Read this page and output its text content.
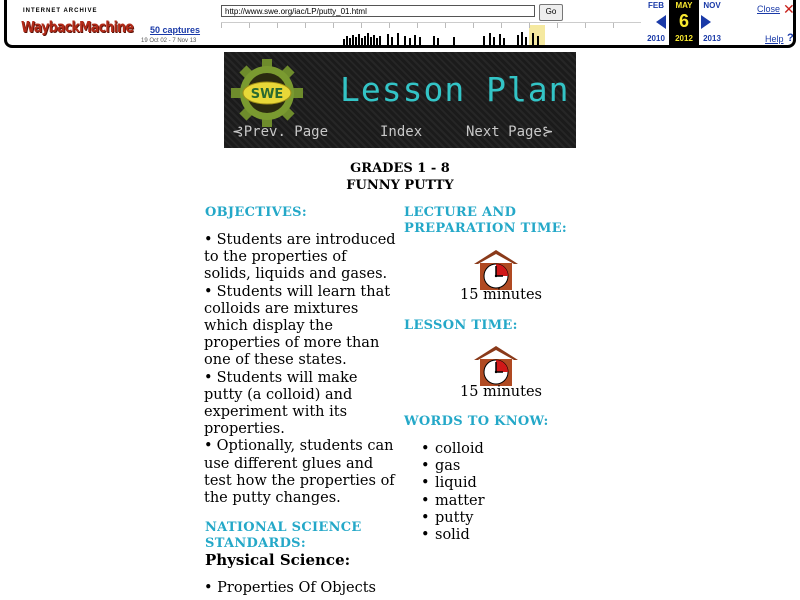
INTERNET ARCHIVE
WaybackMachine
http://www.swe.org/iac/LP/putty_01.html	Go
50 captures
19 Oct 02 - 7 Nov 13
FEB
2010
MAY
6
2012
NOV
2013
Close ✕
Help ?
SWE Lesson Plan
⊰Prev. Page	Index	Next Page⊱
GRADES 1 - 8
FUNNY PUTTY
OBJECTIVES:

• Students are introduced to the properties of solids, liquids and gases.

• Students will learn that colloids are mixtures which display the properties of more than one of these states.

• Students will make putty (a colloid) and experiment with its properties.

• Optionally, students can use different glues and test how the properties of the putty changes.

NATIONAL SCIENCE
STANDARDS:
Physical Science:
• Properties Of Objects
LECTURE AND
PREPARATION TIME:
15 minutes
LESSON TIME:
15 minutes
WORDS TO KNOW:
• colloid
• gas
• liquid
• matter
• putty
• solid
